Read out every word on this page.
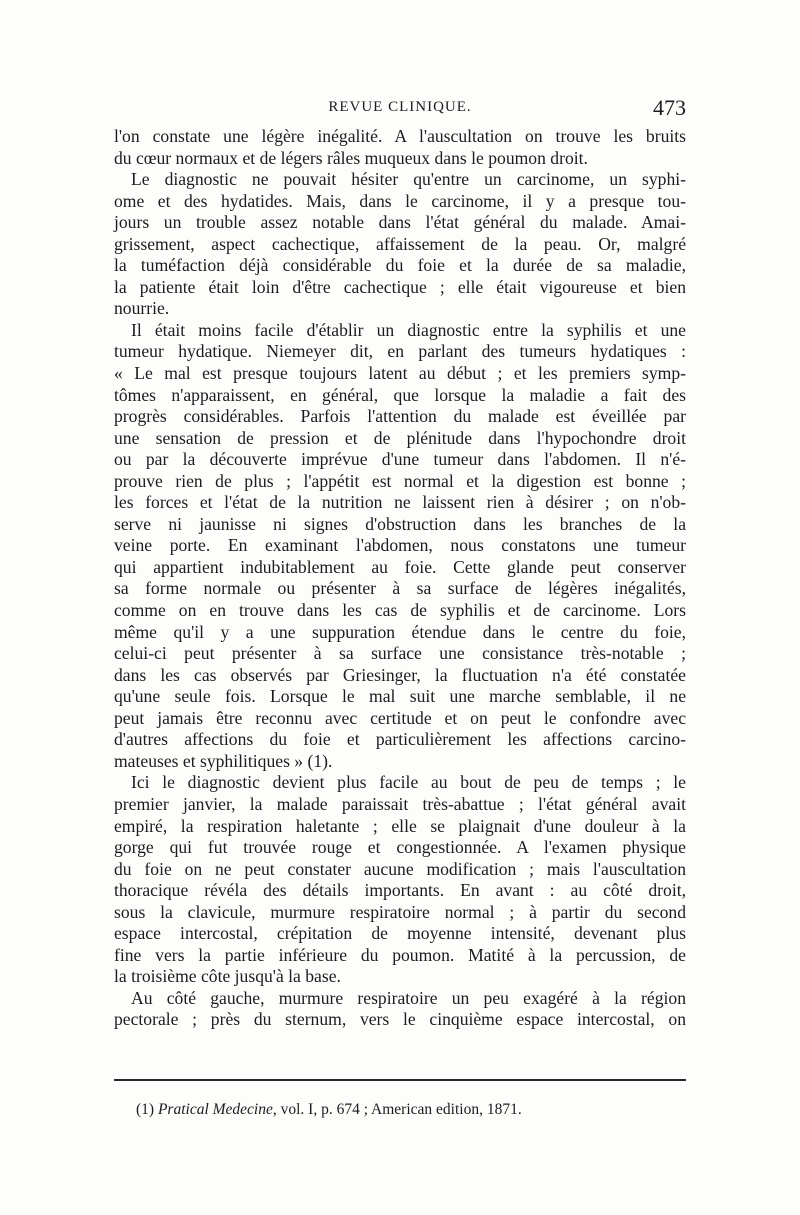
REVUE CLINIQUE.	473
l'on constate une légère inégalité. A l'auscultation on trouve les bruits
du cœur normaux et de légers râles muqueux dans le poumon droit.
Le diagnostic ne pouvait hésiter qu'entre un carcinome, un syphi-
ome et des hydatides. Mais, dans le carcinome, il y a presque tou-
jours un trouble assez notable dans l'état général du malade. Amai-
grissement, aspect cachectique, affaissement de la peau. Or, malgré
la tuméfaction déjà considérable du foie et la durée de sa maladie,
la patiente était loin d'être cachectique ; elle était vigoureuse et bien
nourrie.
Il était moins facile d'établir un diagnostic entre la syphilis et une
tumeur hydatique. Niemeyer dit, en parlant des tumeurs hydatiques :
« Le mal est presque toujours latent au début ; et les premiers symp-
tômes n'apparaissent, en général, que lorsque la maladie a fait des
progrès considérables. Parfois l'attention du malade est éveillée par
une sensation de pression et de plénitude dans l'hypochondre droit
ou par la découverte imprévue d'une tumeur dans l'abdomen. Il n'é-
prouve rien de plus ; l'appétit est normal et la digestion est bonne ;
les forces et l'état de la nutrition ne laissent rien à désirer ; on n'ob-
serve ni jaunisse ni signes d'obstruction dans les branches de la
veine porte. En examinant l'abdomen, nous constatons une tumeur
qui appartient indubitablement au foie. Cette glande peut conserver
sa forme normale ou présenter à sa surface de légères inégalités,
comme on en trouve dans les cas de syphilis et de carcinome. Lors
même qu'il y a une suppuration étendue dans le centre du foie,
celui-ci peut présenter à sa surface une consistance très-notable ;
dans les cas observés par Griesinger, la fluctuation n'a été constatée
qu'une seule fois. Lorsque le mal suit une marche semblable, il ne
peut jamais être reconnu avec certitude et on peut le confondre avec
d'autres affections du foie et particulièrement les affections carcino-
mateuses et syphilitiques » (1).
Ici le diagnostic devient plus facile au bout de peu de temps ; le
premier janvier, la malade paraissait très-abattue ; l'état général avait
empiré, la respiration haletante ; elle se plaignait d'une douleur à la
gorge qui fut trouvée rouge et congestionnée. A l'examen physique
du foie on ne peut constater aucune modification ; mais l'auscultation
thoracique révéla des détails importants. En avant : au côté droit,
sous la clavicule, murmure respiratoire normal ; à partir du second
espace intercostal, crépitation de moyenne intensité, devenant plus
fine vers la partie inférieure du poumon. Matité à la percussion, de
la troisième côte jusqu'à la base.
Au côté gauche, murmure respiratoire un peu exagéré à la région
pectorale ; près du sternum, vers le cinquième espace intercostal, on
(1) Pratical Medecine, vol. I, p. 674 ; American edition, 1871.
